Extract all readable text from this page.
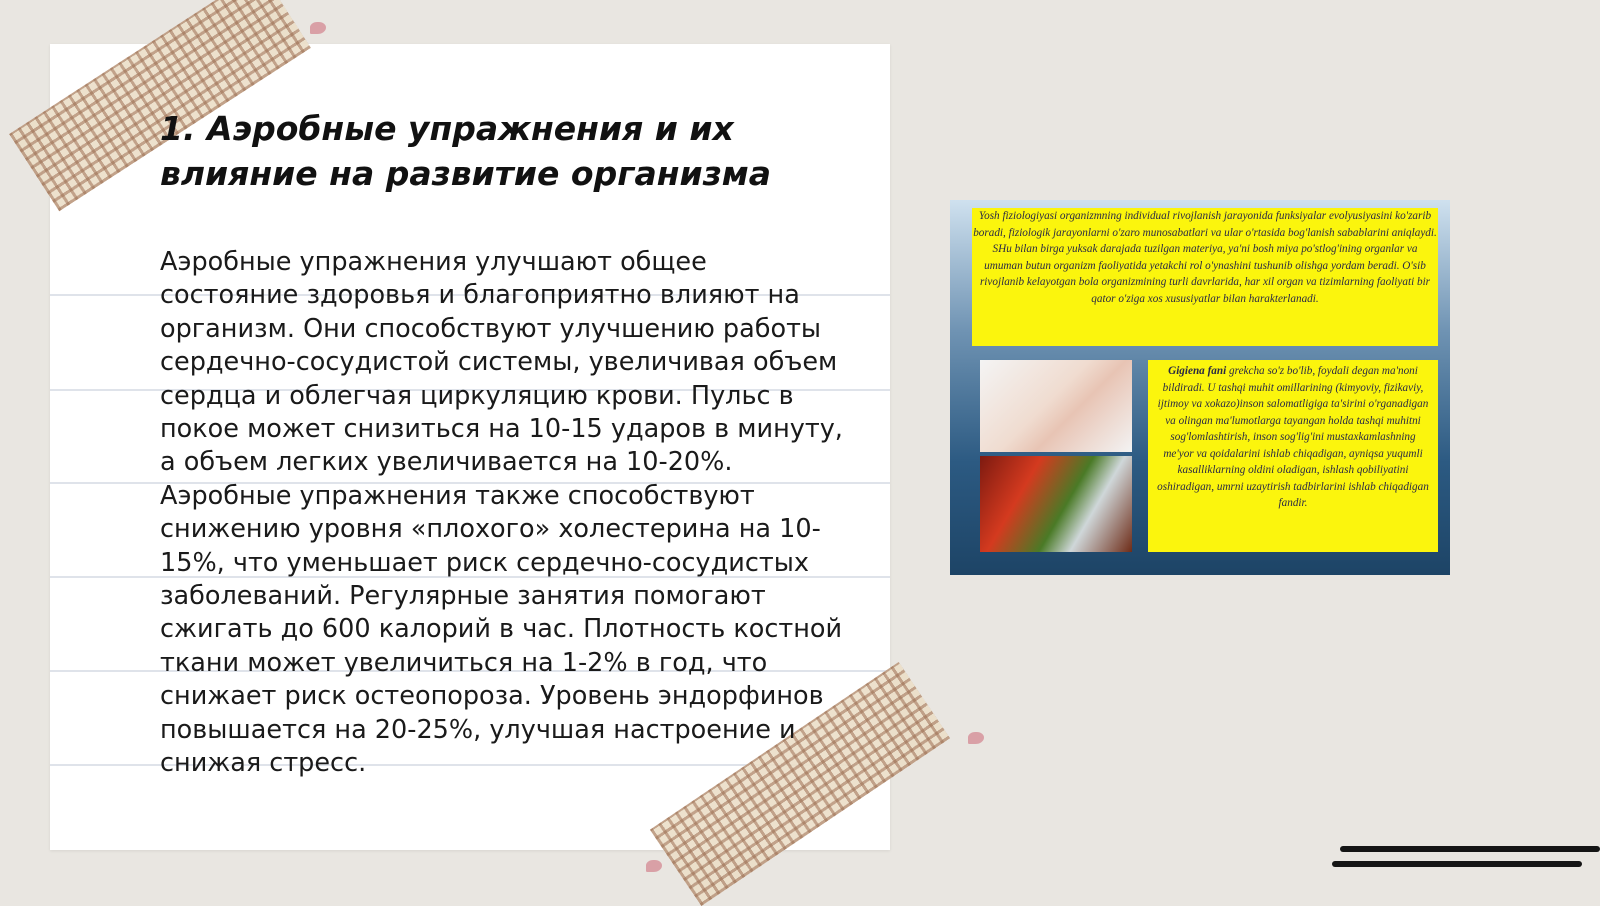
1. Аэробные упражнения и их влияние на развитие организма
Аэробные упражнения улучшают общее состояние здоровья и благоприятно влияют на организм. Они способствуют улучшению работы сердечно-сосудистой системы, увеличивая объем сердца и облегчая циркуляцию крови. Пульс в покое может снизиться на 10-15 ударов в минуту, а объем легких увеличивается на 10-20%. Аэробные упражнения также способствуют снижению уровня «плохого» холестерина на 10-15%, что уменьшает риск сердечно-сосудистых заболеваний. Регулярные занятия помогают сжигать до 600 калорий в час. Плотность костной ткани может увеличиться на 1-2% в год, что снижает риск остеопороза. Уровень эндорфинов повышается на 20-25%, улучшая настроение и снижая стресс.
Yosh fiziologiyasi organizmning individual rivojlanish jarayonida funksiyalar evolyusiyasini ko'zarib boradi, fiziologik jarayonlarni o'zaro munosabatlari va ular o'rtasida bog'lanish sabablarini aniqlaydi. SHu bilan birga yuksak darajada tuzilgan materiya, ya'ni bosh miya po'stlog'ining organlar va umuman butun organizm faoliyatida yetakchi rol o'ynashini tushunib olishga yordam beradi. O'sib rivojlanib kelayotgan bola organizmining turli davrlarida, har xil organ va tizimlarning faoliyati bir qator o'ziga xos xususiyatlar bilan harakterlanadi.
Gigiena fani grekcha so'z bo'lib, foydali degan ma'noni bildiradi. U tashqi muhit omillarining (kimyoviy, fizikaviy, ijtimoy va xokazo)inson salomatligiga ta'sirini o'rganadigan va olingan ma'lumotlarga tayangan holda tashqi muhitni sog'lomlashtirish, inson sog'lig'ini mustaxkamlashning me'yor va qoidalarini ishlab chiqadigan, ayniqsa yuqumli kasalliklarning oldini oladigan, ishlash qobiliyatini oshiradigan, umrni uzaytirish tadbirlarini ishlab chiqadigan fandir.
